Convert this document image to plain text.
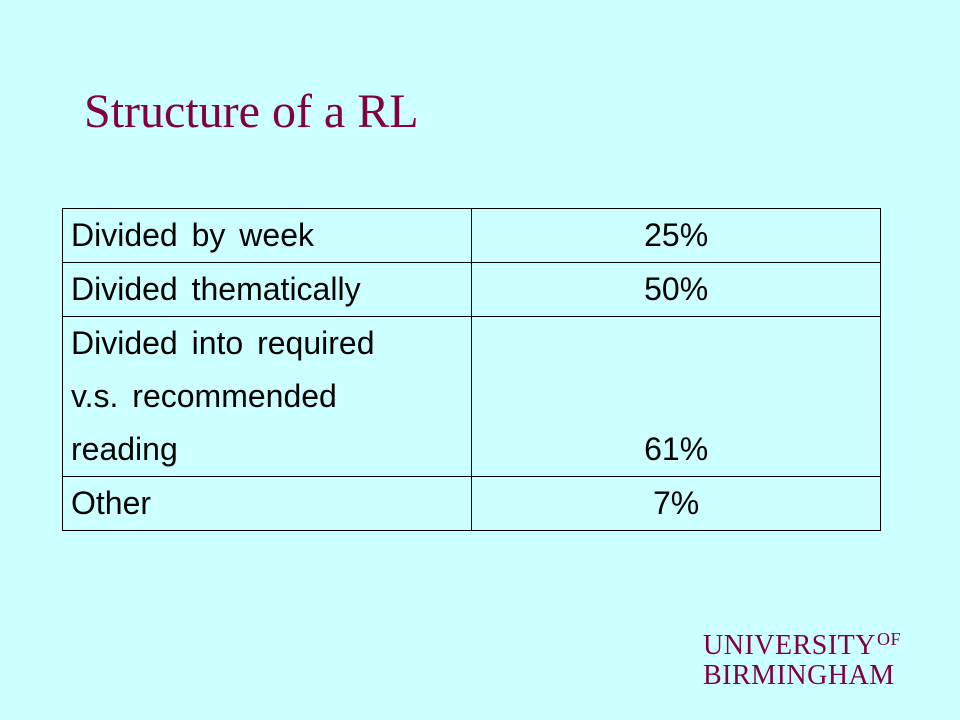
Structure of a RL
Divided by week	25%

Divided thematically	50%

Divided into required
v.s. recommended
reading	61%

Other	7%
$UNIVERSITY^{OF}$
BIRMINGHAM
